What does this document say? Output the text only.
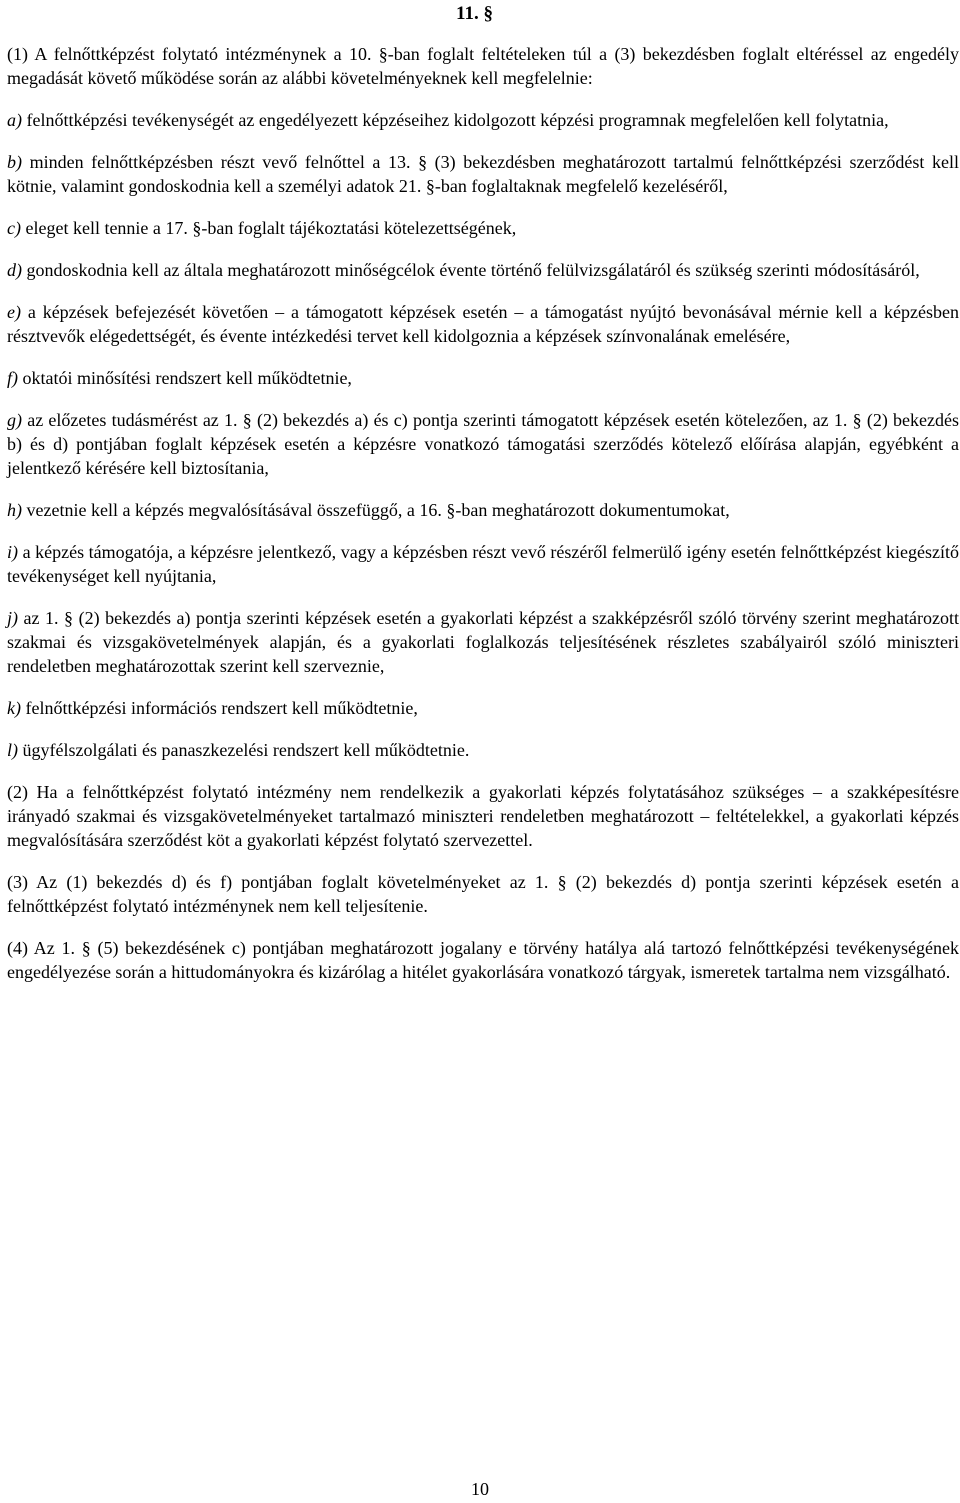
11. §

(1) A felnőttképzést folytató intézménynek a 10. §-ban foglalt feltételeken túl a (3) bekezdésben foglalt eltéréssel az engedély megadását követő működése során az alábbi követelményeknek kell megfelelnie:

a) felnőttképzési tevékenységét az engedélyezett képzéseihez kidolgozott képzési programnak megfelelően kell folytatnia,

b) minden felnőttképzésben részt vevő felnőttel a 13. § (3) bekezdésben meghatározott tartalmú felnőttképzési szerződést kell kötnie, valamint gondoskodnia kell a személyi adatok 21. §-ban foglaltaknak megfelelő kezeléséről,

c) eleget kell tennie a 17. §-ban foglalt tájékoztatási kötelezettségének,

d) gondoskodnia kell az általa meghatározott minőségcélok évente történő felülvizsgálatáról és szükség szerinti módosításáról,

e) a képzések befejezését követően – a támogatott képzések esetén – a támogatást nyújtó bevonásával mérnie kell a képzésben résztvevők elégedettségét, és évente intézkedési tervet kell kidolgoznia a képzések színvonalának emelésére,

f) oktatói minősítési rendszert kell működtetnie,

g) az előzetes tudásmérést az 1. § (2) bekezdés a) és c) pontja szerinti támogatott képzések esetén kötelezően, az 1. § (2) bekezdés b) és d) pontjában foglalt képzések esetén a képzésre vonatkozó támogatási szerződés kötelező előírása alapján, egyébként a jelentkező kérésére kell biztosítania,

h) vezetnie kell a képzés megvalósításával összefüggő, a 16. §-ban meghatározott dokumentumokat,

i) a képzés támogatója, a képzésre jelentkező, vagy a képzésben részt vevő részéről felmerülő igény esetén felnőttképzést kiegészítő tevékenységet kell nyújtania,

j) az 1. § (2) bekezdés a) pontja szerinti képzések esetén a gyakorlati képzést a szakképzésről szóló törvény szerint meghatározott szakmai és vizsgakövetelmények alapján, és a gyakorlati foglalkozás teljesítésének részletes szabályairól szóló miniszteri rendeletben meghatározottak szerint kell szerveznie,

k) felnőttképzési információs rendszert kell működtetnie,

l) ügyfélszolgálati és panaszkezelési rendszert kell működtetnie.

(2) Ha a felnőttképzést folytató intézmény nem rendelkezik a gyakorlati képzés folytatásához szükséges – a szakképesítésre irányadó szakmai és vizsgakövetelményeket tartalmazó miniszteri rendeletben meghatározott – feltételekkel, a gyakorlati képzés megvalósítására szerződést köt a gyakorlati képzést folytató szervezettel.

(3) Az (1) bekezdés d) és f) pontjában foglalt követelményeket az 1. § (2) bekezdés d) pontja szerinti képzések esetén a felnőttképzést folytató intézménynek nem kell teljesítenie.

(4) Az 1. § (5) bekezdésének c) pontjában meghatározott jogalany e törvény hatálya alá tartozó felnőttképzési tevékenységének engedélyezése során a hittudományokra és kizárólag a hitélet gyakorlására vonatkozó tárgyak, ismeretek tartalma nem vizsgálható.

10
